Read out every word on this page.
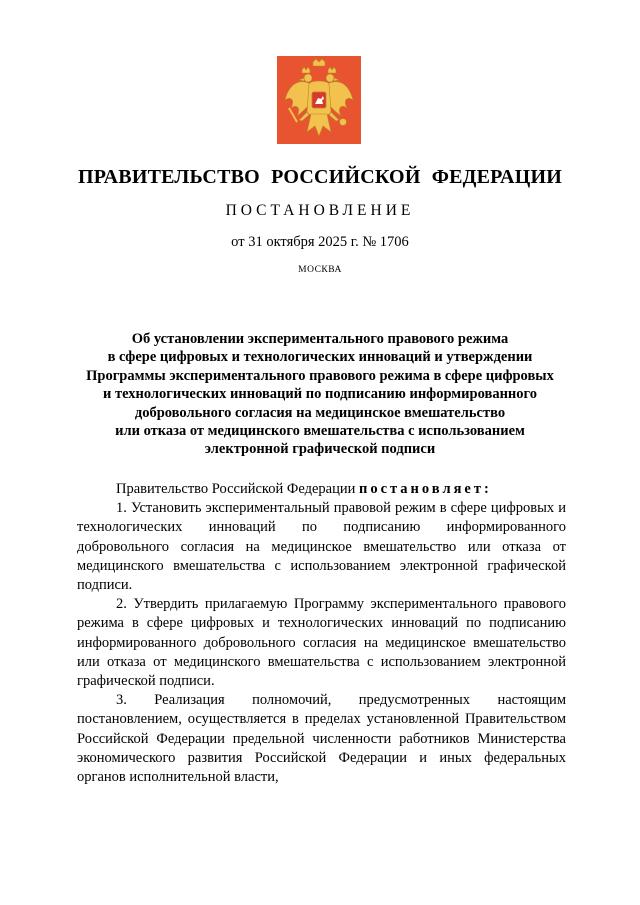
ПРАВИТЕЛЬСТВО РОССИЙСКОЙ ФЕДЕРАЦИИ
ПОСТАНОВЛЕНИЕ
от 31 октября 2025 г. № 1706
МОСКВА
Об установлении экспериментального правового режима
в сфере цифровых и технологических инноваций и утверждении
Программы экспериментального правового режима в сфере цифровых
и технологических инноваций по подписанию информированного
добровольного согласия на медицинское вмешательство
или отказа от медицинского вмешательства с использованием
электронной графической подписи

Правительство Российской Федерации постановляет:

1. Установить экспериментальный правовой режим в сфере цифровых и технологических инноваций по подписанию информированного добровольного согласия на медицинское вмешательство или отказа от медицинского вмешательства с использованием электронной графической подписи.

2. Утвердить прилагаемую Программу экспериментального правового режима в сфере цифровых и технологических инноваций по подписанию информированного добровольного согласия на медицинское вмешательство или отказа от медицинского вмешательства с использованием электронной графической подписи.

3. Реализация полномочий, предусмотренных настоящим постановлением, осуществляется в пределах установленной Правительством Российской Федерации предельной численности работников Министерства экономического развития Российской Федерации и иных федеральных органов исполнительной власти,
